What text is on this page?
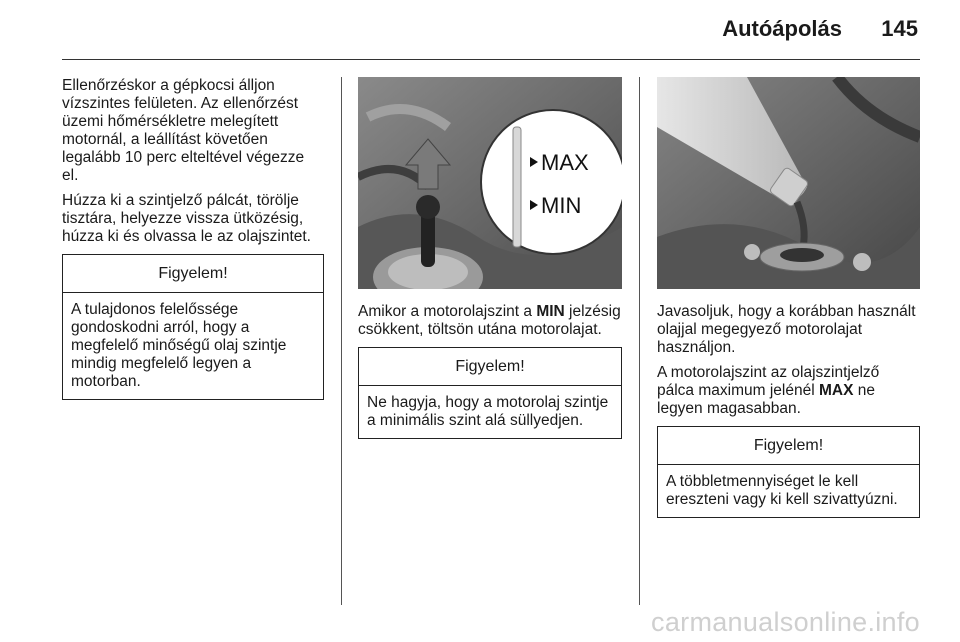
Autóápolás 145

Ellenőrzéskor a gépkocsi álljon vízszintes felületen. Az ellenőrzést üzemi hőmérsékletre melegített motornál, a leállítást követően legalább 10 perc elteltével végezze el.

Húzza ki a szintjelző pálcát, törölje tisztára, helyezze vissza ütközésig, húzza ki és olvassa le az olajszintet.

Figyelem!
A tulajdonos felelőssége gondoskodni arról, hogy a megfelelő minőségű olaj szintje mindig megfelelő legyen a motorban.
MAX
MIN

Amikor a motorolajszint a MIN jelzésig csökkent, töltsön utána motorolajat.

Figyelem!
Ne hagyja, hogy a motorolaj szintje a minimális szint alá süllyedjen.

Javasoljuk, hogy a korábban használt olajjal megegyező motorolajat használjon.

A motorolajszint az olajszintjelző pálca maximum jelénél MAX ne legyen magasabban.

Figyelem!
A többletmennyiséget le kell ereszteni vagy ki kell szivattyúzni.
carmanualsonline.info
